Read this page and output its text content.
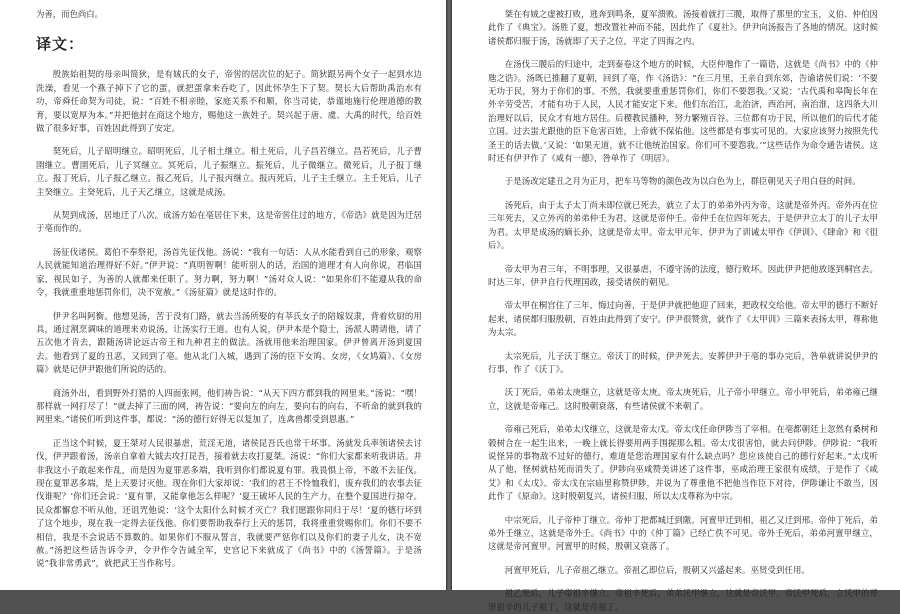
为善，而色尚白。

译文：

殷族始祖契的母亲叫简狄，是有娀氏的女子，帝喾的居次位的妃子。简狄跟另两个女子一起到水边洗澡，看见一个燕子掉下了它的蛋，就把蛋拿来吞吃了，因此怀孕生下了契。契长大后帮助禹治水有功，帝舜任命契为司徒，说：“百姓不相亲睦，家庭关系不和顺，你当司徒，恭谨地施行伦理道德的教育，要以宽厚为本。”并把他封在商这个地方，赐他这一族姓子。契兴起于唐、虞、大禹的时代，给百姓做了很多好事，百姓因此得到了安定。

契死后，儿子昭明继立。昭明死后，儿子相土继立。相土死后，儿子昌若继立。昌若死后，儿子曹圉继立。曹圉死后，儿子冥继立。冥死后，儿子振继立。振死后，儿子微继立。微死后，儿子报丁继立。报丁死后，儿子报乙继立。报乙死后，儿子报丙继立。报丙死后，儿子主壬继立。主壬死后，儿子主癸继立。主癸死后，儿子天乙继立，这就是成汤。

从契到成汤，居地迁了八次。成汤方始在亳居住下来，这是帝喾住过的地方，《帝诰》就是因为迁居于亳而作的。

汤征伐诸侯。葛伯不奉祭祀，汤首先征伐他。汤说：“我有一句话：人从水能看到自己的形象，观察人民就能知道治理得好不好。”伊尹说：“真明智啊！能听别人的话，治国的道理才有人向你说，君临国家，视民如子，为善的人就都来任职了。努力啊，努力啊！”汤对众人说：“如果你们不能遵从我的命令，我就重重地惩罚你们，决不宽赦。”《汤征篇》就是这时作的。

伊尹名叫阿衡。他想见汤，苦于没有门路，就去当汤所娶的有莘氏女子的陪嫁奴隶，背着炊厨的用具，通过割烹调味的道理来劝说汤，让汤实行王道。也有人说，伊尹本是个隐士，汤派人聘请他，请了五次他才肯去，跟随汤讲论远古帝王和九种君主的做法。汤就用他来治理国家。伊尹曾离开汤到夏国去。他看到了夏的丑恶，又回到了亳。他从北门入城，遇到了汤的臣下女鸠、女房，《女鸠篇》、《女房篇》就是记伊尹跟他们所说的话的。

商汤外出，看到野外打猎的人四面张网，他们祷告说：“从天下四方都到我的网里来。”汤说：“嘿！那样就一网打尽了！”就去掉了三面的网，祷告说：“要向左的向左，要向右的向右，不听命的就到我的网里来。”诸侯们听到这件事，都说：“汤的德行好得无以复加了，连禽兽都受到恩惠。”

正当这个时候，夏王桀对人民很暴虐，荒淫无道，诸侯昆吾氏也常干坏事。汤就发兵率领诸侯去讨伐，伊尹跟着汤，汤亲自拿着大钺去攻打昆吾，接着就去攻打夏桀。汤说：“你们大家都来听我讲话。并非我这小子敢起来作乱，而是因为夏罪恶多端，我听到你们都说夏有罪。我畏惧上帝，不敢不去征伐。现在夏罪恶多端，是上天要讨灭他。现在你们大家却说：‘我们的君王不怜恤我们，废弃我们的农事去征伐谁呢？’你们还会说：‘夏有罪，又能拿他怎么样呢？’夏王破坏人民的生产力，在整个夏国进行掠夺。民众都懈怠不听从他，还诅咒他说：‘这个太阳什么时候才灭亡？我们愿跟你同归于尽！’夏的德行坏到了这个地步，现在我一定得去征伐他。你们要帮助我奉行上天的惩罚，我将重重赏赐你们。你们不要不相信，我是不会说话不算数的。如果你们不服从誓言，我就要严惩你们以及你们的妻子儿女，决不宽赦。”汤把这些话告诉令尹，令尹作令告诫全军，史官记下来就成了《尚书》中的《汤誓篇》。于是汤说“我非常勇武”，就把武王当作称号。

桀在有娀之虚被打败，逃奔到鸣条，夏军溃败。汤接着就打三朡，取得了那里的宝玉，义伯、仲伯因此作了《典宝》。汤胜了夏，想改置社神而不能，因此作了《夏社》。伊尹向汤报告了各地的情况。这时候诸侯都归服于汤，汤就即了天子之位，平定了四海之内。

在汤伐三朡后的归途中，走到泰卷这个地方的时候，大臣仲虺作了一篇诰，这就是《尚书》中的《仲虺之诰》。汤既已推翻了夏朝，回到了亳，作《汤诰》：“在三月里，王亲自到东郊，告谕诸侯们说：‘不要无功于民，努力于你们的事。不然，我就要重重惩罚你们，你们不要怨我。’又说：‘古代禹和皋陶长年在外辛劳受苦，才能有功于人民，人民才能安定下来。他们东治江，北治济，西治河，南治淮，这四条大川治理好以后，民众才有地方居住。后稷教民播种，努力繁殖百谷。三位都有功于民，所以他们的后代才能立国。过去蚩尤跟他的臣下危害百姓，上帝就不保佑他。这些都是有事实可见的。大家应该努力按照先代圣王的话去做。’又说：‘如果无道，就不让他统治国家。你们可不要怨我。’”这些话作为命令通告诸侯。这时还有伊尹作了《咸有一德》，咎单作了《明居》。

于是汤改定建丑之月为正月，把车马等物的颜色改为以白色为上，群臣朝见天子用白昼的时间。

汤死后，由于太子太丁尚未即位就已死去，就立了太丁的弟弟外丙为帝，这就是帝外丙。帝外丙在位三年死去，又立外丙的弟弟仲壬为君，这就是帝仲壬。帝仲壬在位四年死去，于是伊尹立太丁的儿子太甲为君。太甲是成汤的嫡长孙，这就是帝太甲。帝太甲元年，伊尹为了训诫太甲作《伊训》、《肆命》和《徂后》。

帝太甲为君三年，不明事理，又很暴虐，不遵守汤的法度，德行败坏。因此伊尹把他放逐到桐宫去。时达三年，伊尹自行代理国政，接受诸侯的朝见。

帝太甲在桐宫住了三年，悔过向善，于是伊尹就把他迎了回来，把政权交给他。帝太甲的德行不断好起来，诸侯都归服殷朝，百姓由此得到了安宁。伊尹很赞赏，就作了《太甲训》三篇来表扬太甲，尊称他为太宗。

太宗死后，儿子沃丁继立。帝沃丁的时候，伊尹死去。安葬伊尹于亳的事办完后，咎单就讲说伊尹的行事，作了《沃丁》。

沃丁死后，弟弟太庚继立，这就是帝太庚。帝太庚死后，儿子帝小甲继立。帝小甲死后，弟弟雍己继立，这就是帝雍己。这时殷朝衰落，有些诸侯就不来朝了。

帝雍己死后，弟弟太戊继立，这就是帝太戊。帝太戊任命伊陟当了宰相。在亳都朝廷上忽然有桑树和榖树合在一起生出来，一晚上就长得要用两手围握那么粗。帝太戊很害怕，就去问伊陟。伊陟说：“我听说怪异的事物敌不过好的德行，难道是您治理国家有什么缺点吗？您应该使自己的德行好起来。”太戊听从了他，怪树就枯死而消失了。伊陟向巫咸赞美讲述了这件事，巫咸治理王家很有成绩，于是作了《咸艾》和《太戊》。帝太戊在宗庙里称赞伊陟，并说为了尊重他不把他当作臣下对待，伊陟谦让不敢当，因此作了《原命》。这时殷朝复兴，诸侯归服，所以太戊尊称为中宗。

中宗死后，儿子帝仲丁继立。帝仲丁把都城迁到隞。河亶甲迁到相，祖乙又迁到邢。帝仲丁死后，弟弟外壬继立，这就是帝外壬。《尚书》中的《仲丁篇》已经亡佚不可见。帝外壬死后，弟弟河亶甲继立，这就是帝河亶甲。河亶甲的时候，殷朝又衰落了。

河亶甲死后，儿子帝祖乙继立。帝祖乙即位后，殷朝又兴盛起来。巫贤受到任用。

祖乙死后，儿子帝祖辛继立。帝祖辛死后，弟弟沃甲继立，这就是帝沃甲。帝沃甲死后，立沃甲的哥哥祖辛的儿子祖丁，这就是帝祖丁。
